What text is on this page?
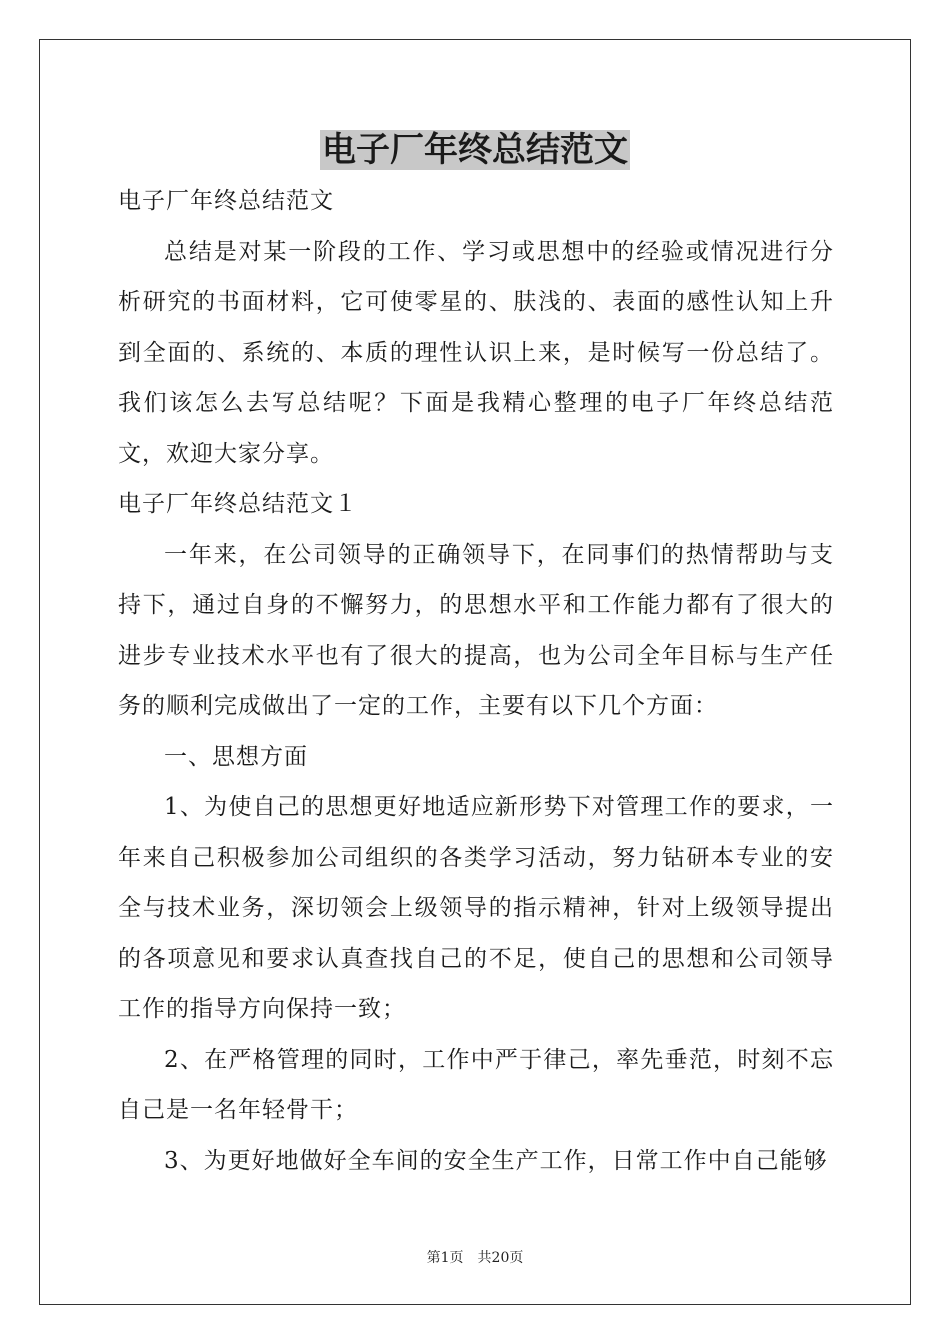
电子厂年终总结范文

电子厂年终总结范文

总结是对某一阶段的工作、学习或思想中的经验或情况进行分析研究的书面材料，它可使零星的、肤浅的、表面的感性认知上升到全面的、系统的、本质的理性认识上来，是时候写一份总结了。我们该怎么去写总结呢？下面是我精心整理的电子厂年终总结范文，欢迎大家分享。

电子厂年终总结范文１

一年来，在公司领导的正确领导下，在同事们的热情帮助与支持下，通过自身的不懈努力，的思想水平和工作能力都有了很大的进步专业技术水平也有了很大的提高，也为公司全年目标与生产任务的顺利完成做出了一定的工作，主要有以下几个方面：

一、思想方面

1、为使自己的思想更好地适应新形势下对管理工作的要求，一年来自己积极参加公司组织的各类学习活动，努力钻研本专业的安全与技术业务，深切领会上级领导的指示精神，针对上级领导提出的各项意见和要求认真查找自己的不足，使自己的思想和公司领导工作的指导方向保持一致；

2、在严格管理的同时，工作中严于律己，率先垂范，时刻不忘自己是一名年轻骨干；

3、为更好地做好全车间的安全生产工作，日常工作中自己能够

第1页　共20页
